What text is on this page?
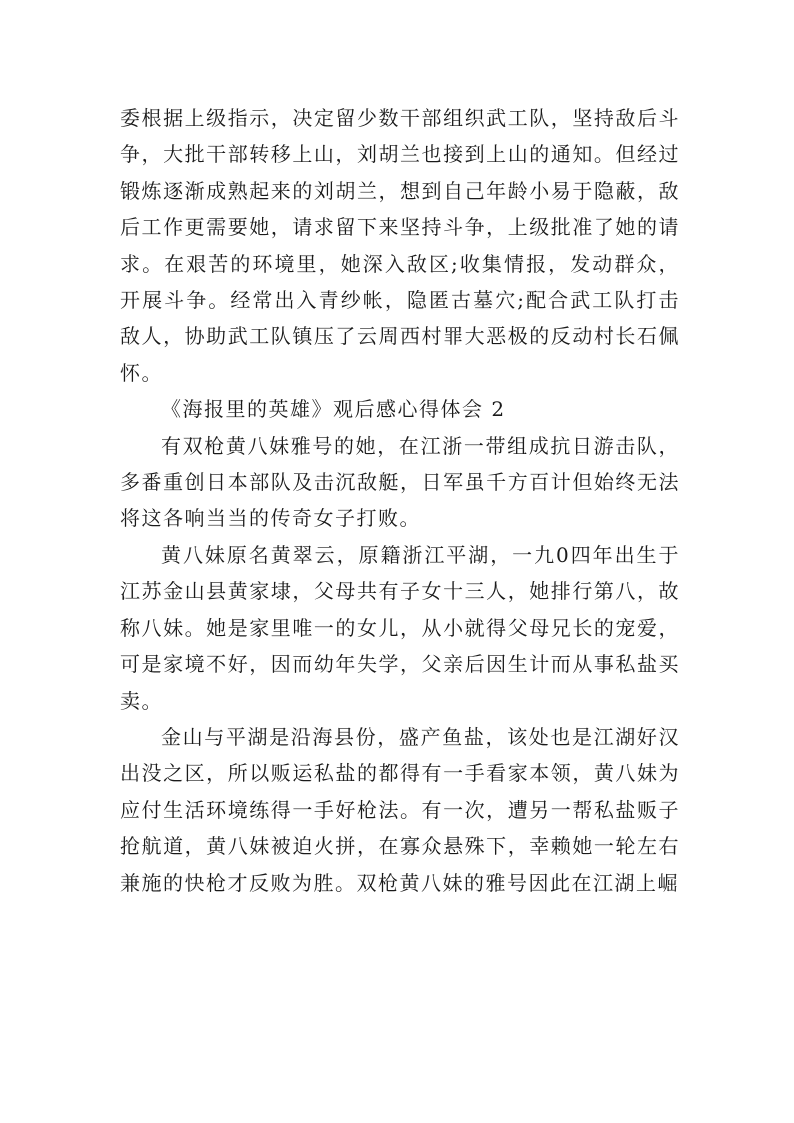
委根据上级指示，决定留少数干部组织武工队，坚持敌后斗争，大批干部转移上山，刘胡兰也接到上山的通知。但经过锻炼逐渐成熟起来的刘胡兰，想到自己年龄小易于隐蔽，敌后工作更需要她，请求留下来坚持斗争，上级批准了她的请求。在艰苦的环境里，她深入敌区;收集情报，发动群众，开展斗争。经常出入青纱帐，隐匿古墓穴;配合武工队打击敌人，协助武工队镇压了云周西村罪大恶极的反动村长石佩怀。

《海报里的英雄》观后感心得体会 2

有双枪黄八妹雅号的她，在江浙一带组成抗日游击队，多番重创日本部队及击沉敌艇，日军虽千方百计但始终无法将这各响当当的传奇女子打败。

黄八妹原名黄翠云，原籍浙江平湖，一九0四年出生于江苏金山县黄家埭，父母共有子女十三人，她排行第八，故称八妹。她是家里唯一的女儿，从小就得父母兄长的宠爱，可是家境不好，因而幼年失学，父亲后因生计而从事私盐买卖。

金山与平湖是沿海县份，盛产鱼盐，该处也是江湖好汉出没之区，所以贩运私盐的都得有一手看家本领，黄八妹为应付生活环境练得一手好枪法。有一次，遭另一帮私盐贩子抢航道，黄八妹被迫火拼，在寡众悬殊下，幸赖她一轮左右兼施的快枪才反败为胜。双枪黄八妹的雅号因此在江湖上崛
